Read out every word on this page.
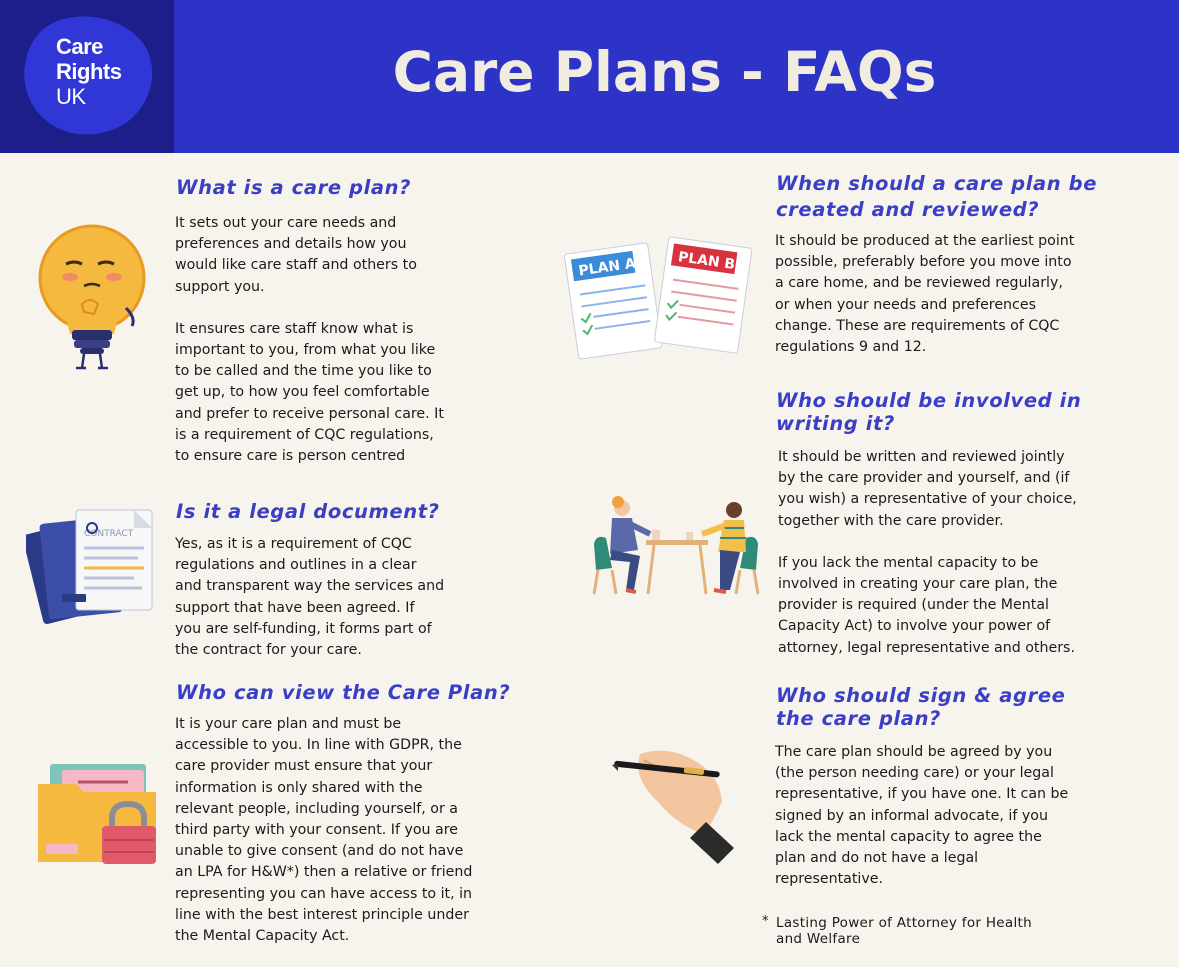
Care
Rights
UK	Care Plans - FAQs
What is a care plan?
It sets out your care needs and
preferences and details how you
would like care staff and others to
support you.
It ensures care staff know what is
important to you, from what you like
to be called and the time you like to
get up, to how you feel comfortable
and prefer to receive personal care. It
is a requirement of CQC regulations,
to ensure care is person centred
Is it a legal document?
Yes, as it is a requirement of CQC
regulations and outlines in a clear
and transparent way the services and
support that have been agreed. If
you are self-funding, it forms part of
the contract for your care.
CONTRACT
Who can view the Care Plan?
It is your care plan and must be
accessible to you. In line with GDPR, the
care provider must ensure that your
information is only shared with the
relevant people, including yourself, or a
third party with your consent. If you are
unable to give consent (and do not have
an LPA for H&W*) then a relative or friend
representing you can have access to it, in
line with the best interest principle under
the Mental Capacity Act.
When should a care plan be
created and reviewed?
It should be produced at the earliest point
possible, preferably before you move into
a care home, and be reviewed regularly,
or when your needs and preferences
change. These are requirements of CQC
regulations 9 and 12.
PLAN A	PLAN B
Who should be involved in
writing it?
It should be written and reviewed jointly
by the care provider and yourself, and (if
you wish) a representative of your choice,
together with the care provider.
If you lack the mental capacity to be
involved in creating your care plan, the
provider is required (under the Mental
Capacity Act) to involve your power of
attorney, legal representative and others.
Who should sign & agree
the care plan?
The care plan should be agreed by you
(the person needing care) or your legal
representative, if you have one. It can be
signed by an informal advocate, if you
lack the mental capacity to agree the
plan and do not have a legal
representative.
* Lasting Power of Attorney for Health
and Welfare
